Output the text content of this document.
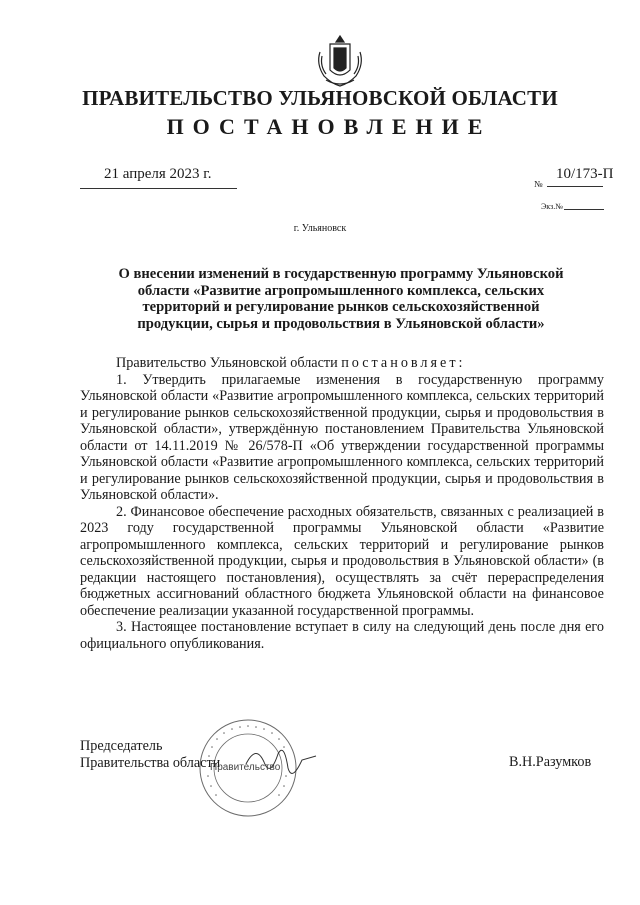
ПРАВИТЕЛЬСТВО УЛЬЯНОВСКОЙ ОБЛАСТИ
ПОСТАНОВЛЕНИЕ
21 апреля 2023 г.	10/173-П
№
Экз.№
г. Ульяновск
О внесении изменений в государственную программу Ульяновской области «Развитие агропромышленного комплекса, сельских территорий и регулирование рынков сельскохозяйственной продукции, сырья и продовольствия в Ульяновской области»

Правительство Ульяновской области постановляет:

1. Утвердить прилагаемые изменения в государственную программу Ульяновской области «Развитие агропромышленного комплекса, сельских территорий и регулирование рынков сельскохозяйственной продукции, сырья и продовольствия в Ульяновской области», утверждённую постановлением Правительства Ульяновской области от 14.11.2019 № 26/578-П «Об утверждении государственной программы Ульяновской области «Развитие агропромышленного комплекса, сельских территорий и регулирование рынков сельскохозяйственной продукции, сырья и продовольствия в Ульяновской области».

2. Финансовое обеспечение расходных обязательств, связанных с реализацией в 2023 году государственной программы Ульяновской области «Развитие агропромышленного комплекса, сельских территорий и регулирование рынков сельскохозяйственной продукции, сырья и продовольствия в Ульяновской области» (в редакции настоящего постановления), осуществлять за счёт перераспределения бюджетных ассигнований областного бюджета Ульяновской области на финансовое обеспечение реализации указанной государственной программы.

3. Настоящее постановление вступает в силу на следующий день после дня его официального опубликования.

Правительство
Председатель
Правительства области	В.Н.Разумков
